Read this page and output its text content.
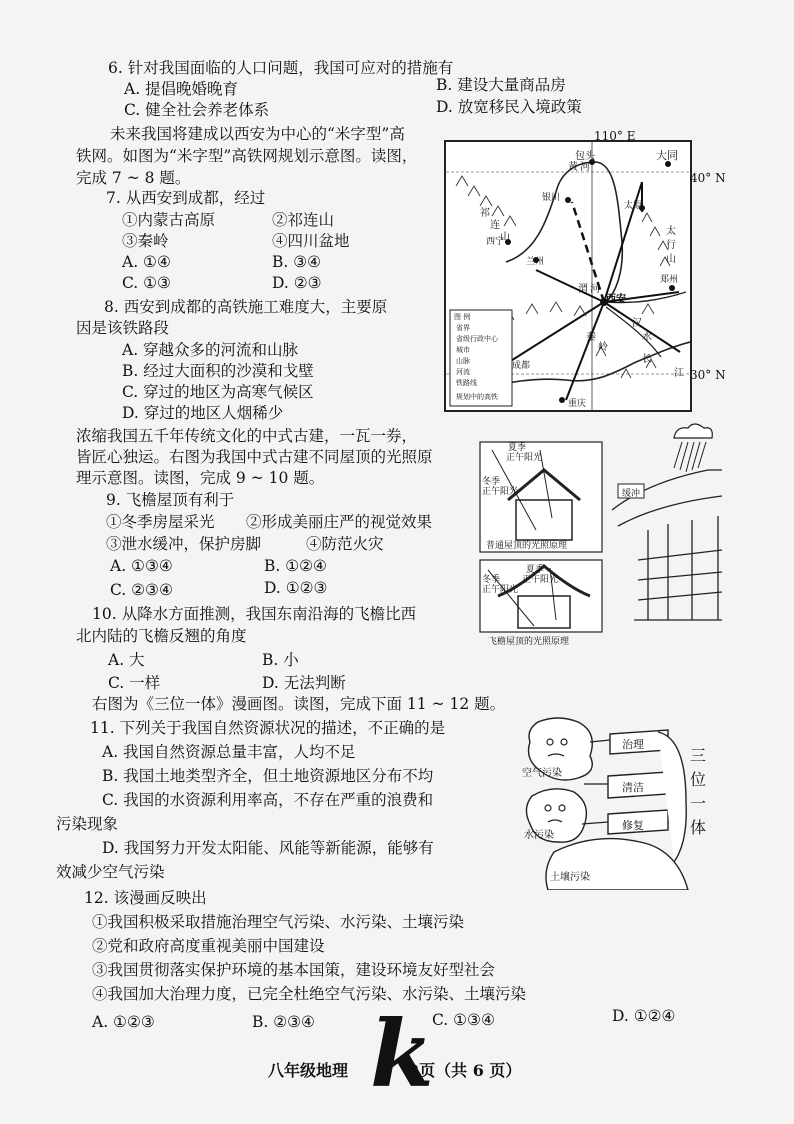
6. 针对我国面临的人口问题，我国可应对的措施有
A. 提倡晚婚晚育	B. 建设大量商品房
C. 健全社会养老体系	D. 放宽移民入境政策
未来我国将建成以西安为中心的“米字型”高
铁网。如图为“米字型”高铁网规划示意图。读图，
完成 7 ~ 8 题。
7. 从西安到成都，经过
①内蒙古高原	②祁连山
③秦岭	④四川盆地
A. ①④	B. ③④
C. ①③	D. ②③
8. 西安到成都的高铁施工难度大，主要原
因是该铁路段
A. 穿越众多的河流和山脉
B. 经过大面积的沙漠和戈壁
C. 穿过的地区为高寒气候区
D. 穿过的地区人烟稀少
包头	大同
银川
太原
西宁
兰州
郑州
西安
成都
重庆
祁
连
山
太
行
山
秦
岭
黄 河
渭 河
汉
水
长
江
图 例
省界
省级行政中心
城市
山脉
河流
铁路线
规划中的高铁
110° E
40° N
30° N
浓缩我国五千年传统文化的中式古建，一瓦一券，
皆匠心独运。右图为我国中式古建不同屋顶的光照原
理示意图。读图，完成 9 ~ 10 题。
9. 飞檐屋顶有利于
①冬季房屋采光 ②形成美丽庄严的视觉效果
③泄水缓冲，保护房脚	④防范火灾
A. ①③④	B. ①②④
C. ②③④	D. ①②③
10. 从降水方面推测，我国东南沿海的飞檐比西
北内陆的飞檐反翘的角度
A. 大	B. 小
C. 一样	D. 无法判断
夏季
正午阳光
冬季
正午阳光
普通屋顶的光照原理
缓冲
夏季
正午阳光
冬季
正午阳光
飞檐屋顶的光照原理
右图为《三位一体》漫画图。读图，完成下面 11 ~ 12 题。
11. 下列关于我国自然资源状况的描述，不正确的是
A. 我国自然资源总量丰富，人均不足
B. 我国土地类型齐全，但土地资源地区分布不均
C. 我国的水资源利用率高，不存在严重的浪费和
污染现象
D. 我国努力开发太阳能、风能等新能源，能够有
效减少空气污染
空气污染
水污染
土壤污染
治理
清洁
修复
三
位
一
体
12. 该漫画反映出
①我国积极采取措施治理空气污染、水污染、土壤污染
②党和政府高度重视美丽中国建设
③我国贯彻落实保护环境的基本国策，建设环境友好型社会
④我国加大治理力度，已完全杜绝空气污染、水污染、土壤污染
A. ①②③	B. ②③④	C. ①③④	D. ①②④
k
八年级地理	2页（共 6 页）
